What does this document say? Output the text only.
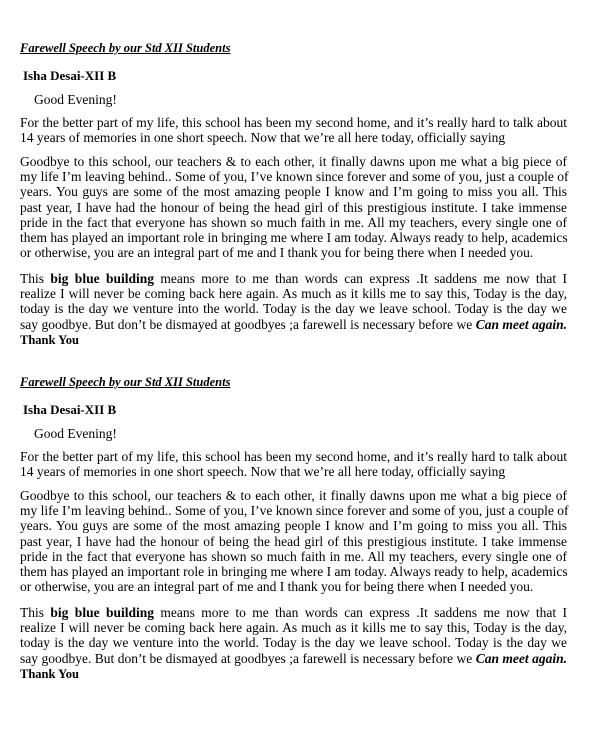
Farewell Speech by our Std XII Students
Isha Desai-XII B
Good Evening!
For the better part of my life, this school has been my second home, and it’s really hard to talk about
14 years of memories in one short speech. Now that we’re all here today, officially saying
Goodbye to this school, our teachers & to each other, it finally dawns upon me what a big piece of
my life I’m leaving behind.. Some of you, I’ve known since forever and some of you, just a couple of
years. You guys are some of the most amazing people I know and I’m going to miss you all. This
past year, I have had the honour of being the head girl of this prestigious institute. I take immense
pride in the fact that everyone has shown so much faith in me. All my teachers, every single one of
them has played an important role in bringing me where I am today. Always ready to help, academics
or otherwise, you are an integral part of me and I thank you for being there when I needed you.
This big blue building means more to me than words can express .It saddens me now that I
realize I will never be coming back here again. As much as it kills me to say this, Today is the day,
today is the day we venture into the world. Today is the day we leave school. Today is the day we
say goodbye. But don’t be dismayed at goodbyes ;a farewell is necessary before we Can meet again.
Thank You
Farewell Speech by our Std XII Students
Isha Desai-XII B
Good Evening!
For the better part of my life, this school has been my second home, and it’s really hard to talk about
14 years of memories in one short speech. Now that we’re all here today, officially saying
Goodbye to this school, our teachers & to each other, it finally dawns upon me what a big piece of
my life I’m leaving behind.. Some of you, I’ve known since forever and some of you, just a couple of
years. You guys are some of the most amazing people I know and I’m going to miss you all. This
past year, I have had the honour of being the head girl of this prestigious institute. I take immense
pride in the fact that everyone has shown so much faith in me. All my teachers, every single one of
them has played an important role in bringing me where I am today. Always ready to help, academics
or otherwise, you are an integral part of me and I thank you for being there when I needed you.
This big blue building means more to me than words can express .It saddens me now that I
realize I will never be coming back here again. As much as it kills me to say this, Today is the day,
today is the day we venture into the world. Today is the day we leave school. Today is the day we
say goodbye. But don’t be dismayed at goodbyes ;a farewell is necessary before we Can meet again.
Thank You
